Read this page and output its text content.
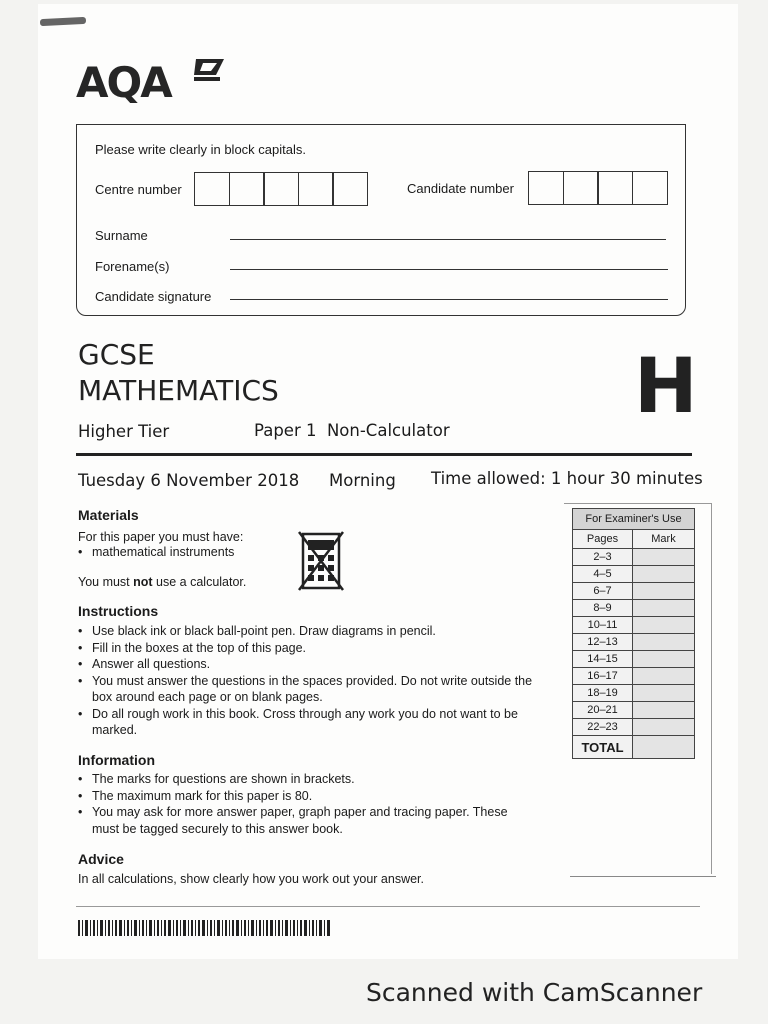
AQA
Please write clearly in block capitals.
Centre number	Candidate number
Surname
Forename(s)
Candidate signature
GCSE
MATHEMATICS	H
Higher Tier	Paper 1  Non-Calculator
Tuesday 6 November 2018 Morning Time allowed: 1 hour 30 minutes
Materials
For this paper you must have:
• mathematical instruments
You must not use a calculator.
Instructions
• Use black ink or black ball-point pen. Draw diagrams in pencil.
• Fill in the boxes at the top of this page.
• Answer all questions.
• You must answer the questions in the spaces provided. Do not write outside the box around each page or on blank pages.
• Do all rough work in this book. Cross through any work you do not want to be marked.
Information
• The marks for questions are shown in brackets.
• The maximum mark for this paper is 80.
• You may ask for more answer paper, graph paper and tracing paper. These must be tagged securely to this answer book.
Advice
In all calculations, show clearly how you work out your answer.
For Examiner's Use	
Pages	Mark
2–3	
4–5	
6–7	
8–9	
10–11	
12–13	
14–15	
16–17	
18–19	
20–21	
22–23	
TOTAL	
Scanned with CamScanner
